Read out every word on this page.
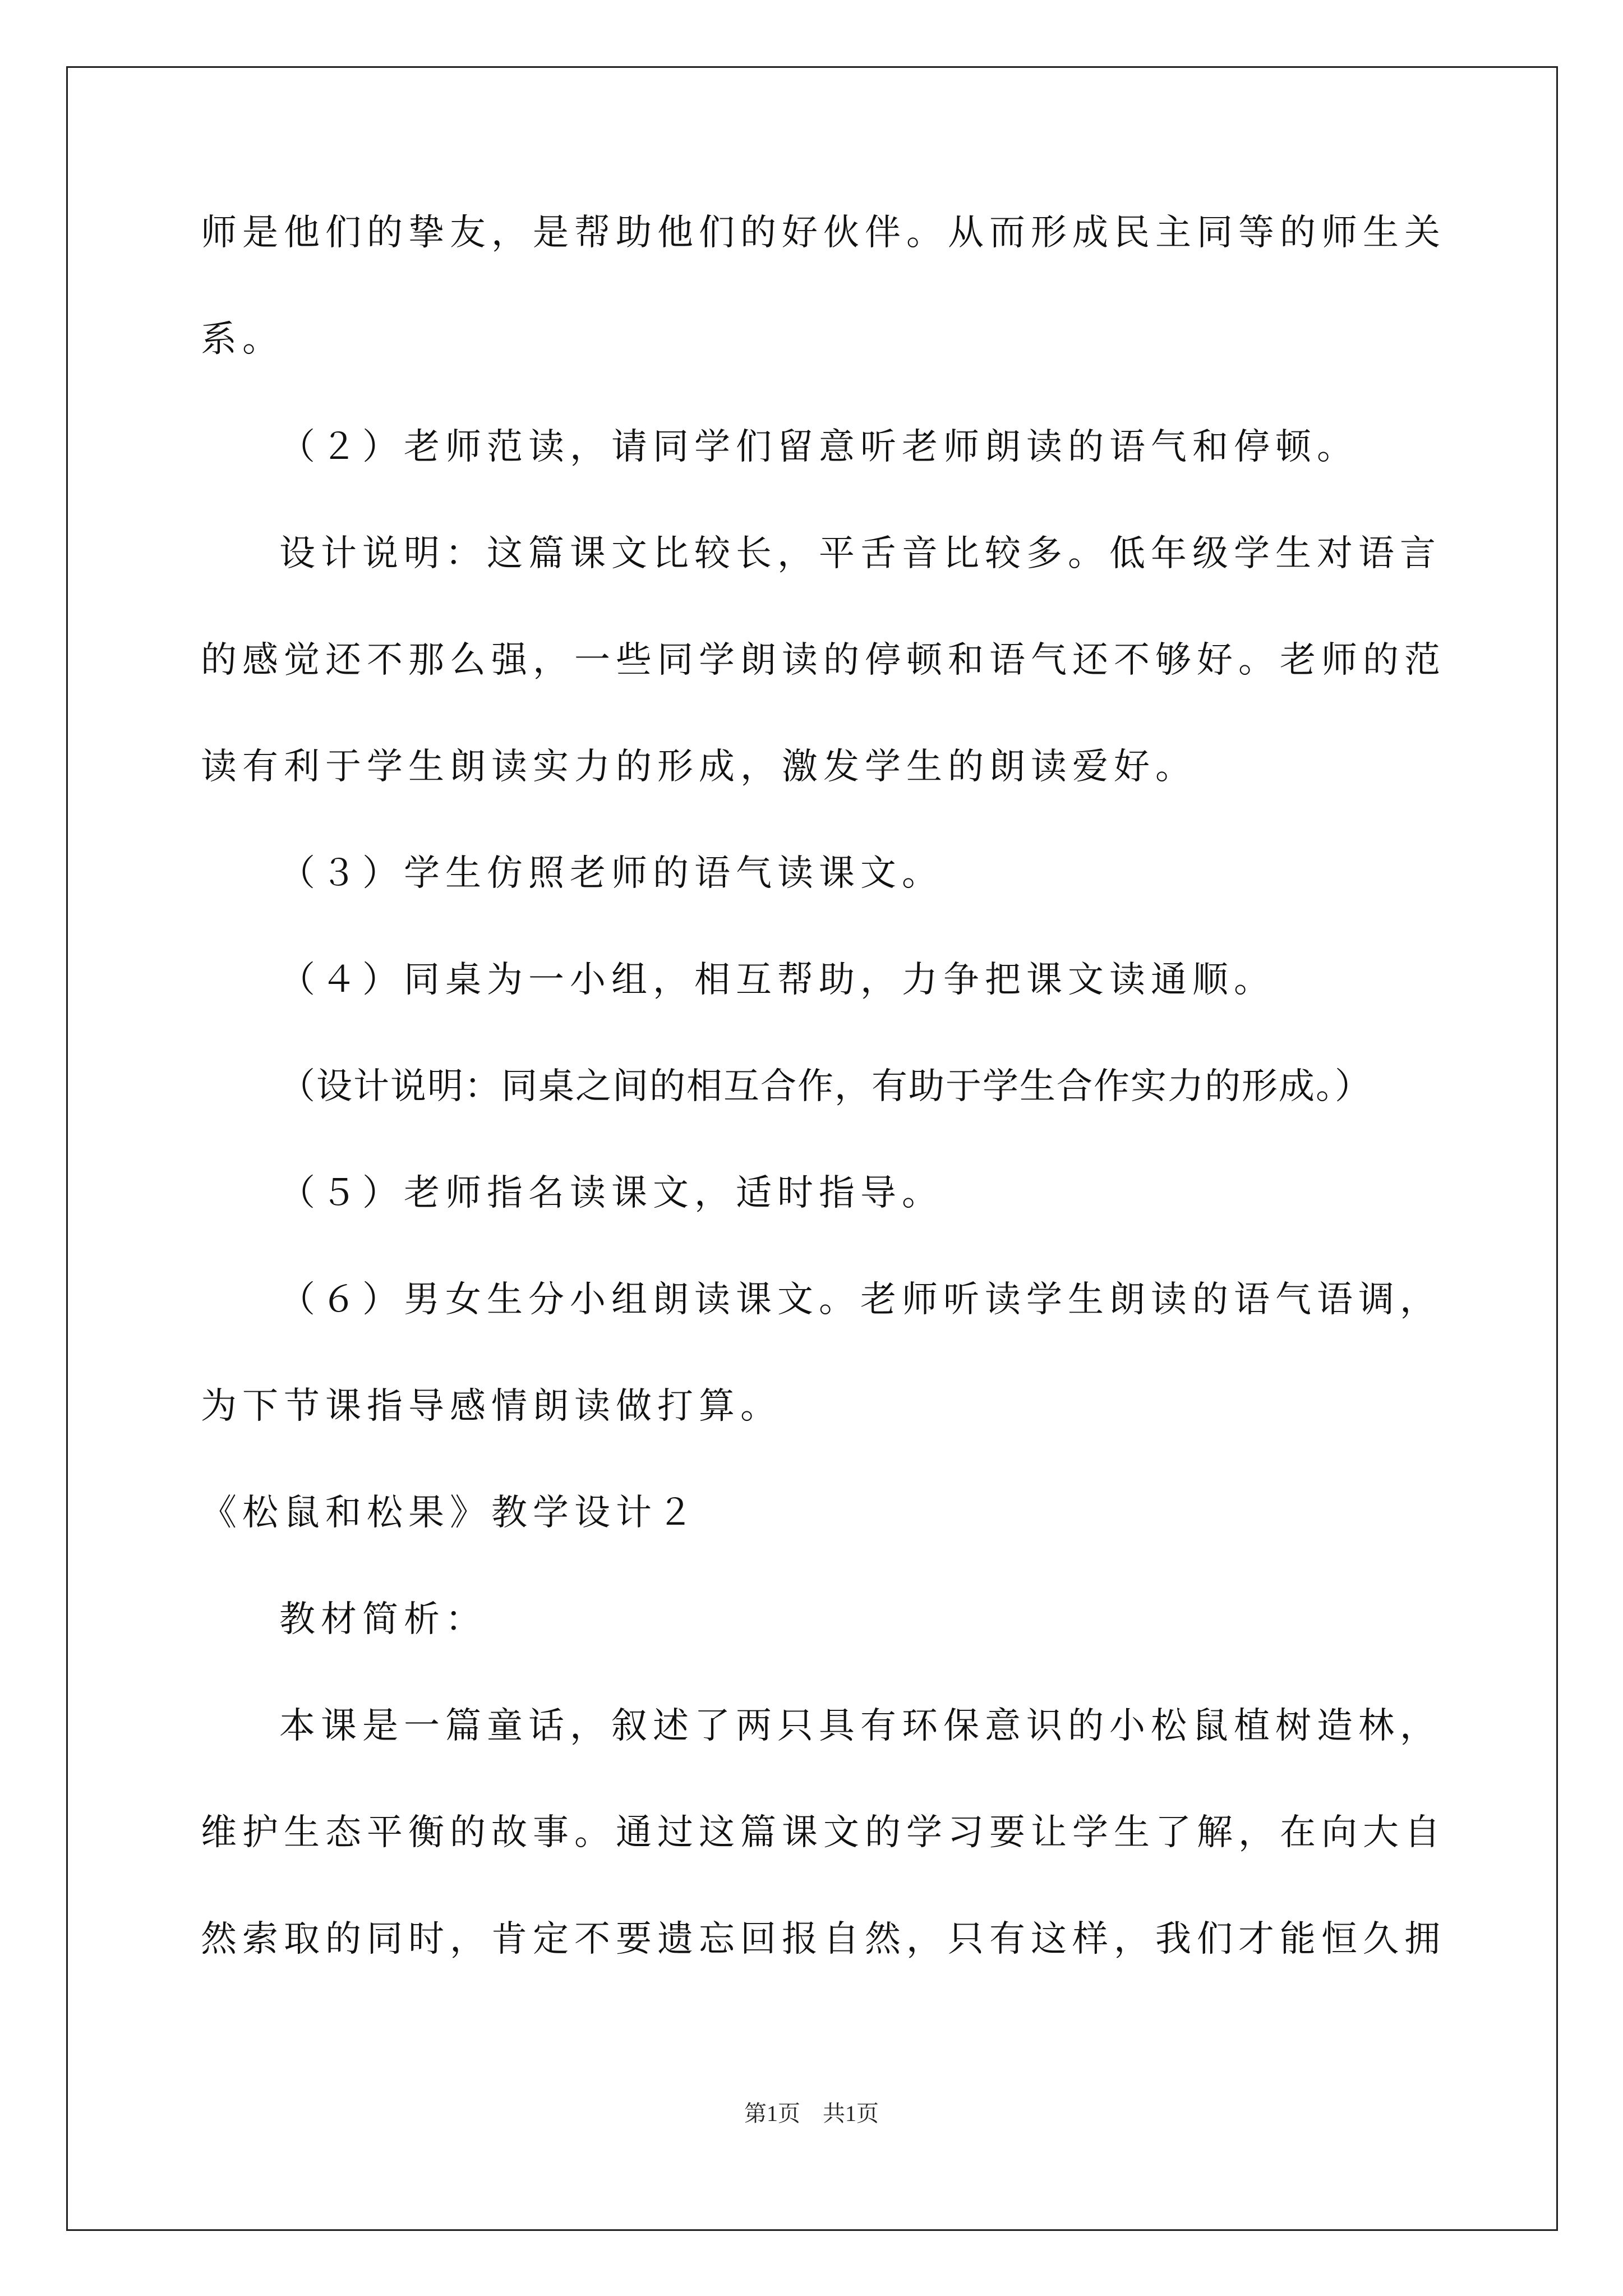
师是他们的挚友，是帮助他们的好伙伴。从而形成民主同等的师生关
系。
（２）老师范读，请同学们留意听老师朗读的语气和停顿。
设计说明：这篇课文比较长，平舌音比较多。低年级学生对语言
的感觉还不那么强，一些同学朗读的停顿和语气还不够好。老师的范
读有利于学生朗读实力的形成，激发学生的朗读爱好。
（３）学生仿照老师的语气读课文。
（４）同桌为一小组，相互帮助，力争把课文读通顺。
（设计说明：同桌之间的相互合作，有助于学生合作实力的形成。）
（５）老师指名读课文，适时指导。
（６）男女生分小组朗读课文。老师听读学生朗读的语气语调，
为下节课指导感情朗读做打算。
《松鼠和松果》教学设计２
教材简析：
本课是一篇童话，叙述了两只具有环保意识的小松鼠植树造林，
维护生态平衡的故事。通过这篇课文的学习要让学生了解，在向大自
然索取的同时，肯定不要遗忘回报自然，只有这样，我们才能恒久拥
第1页　共1页
